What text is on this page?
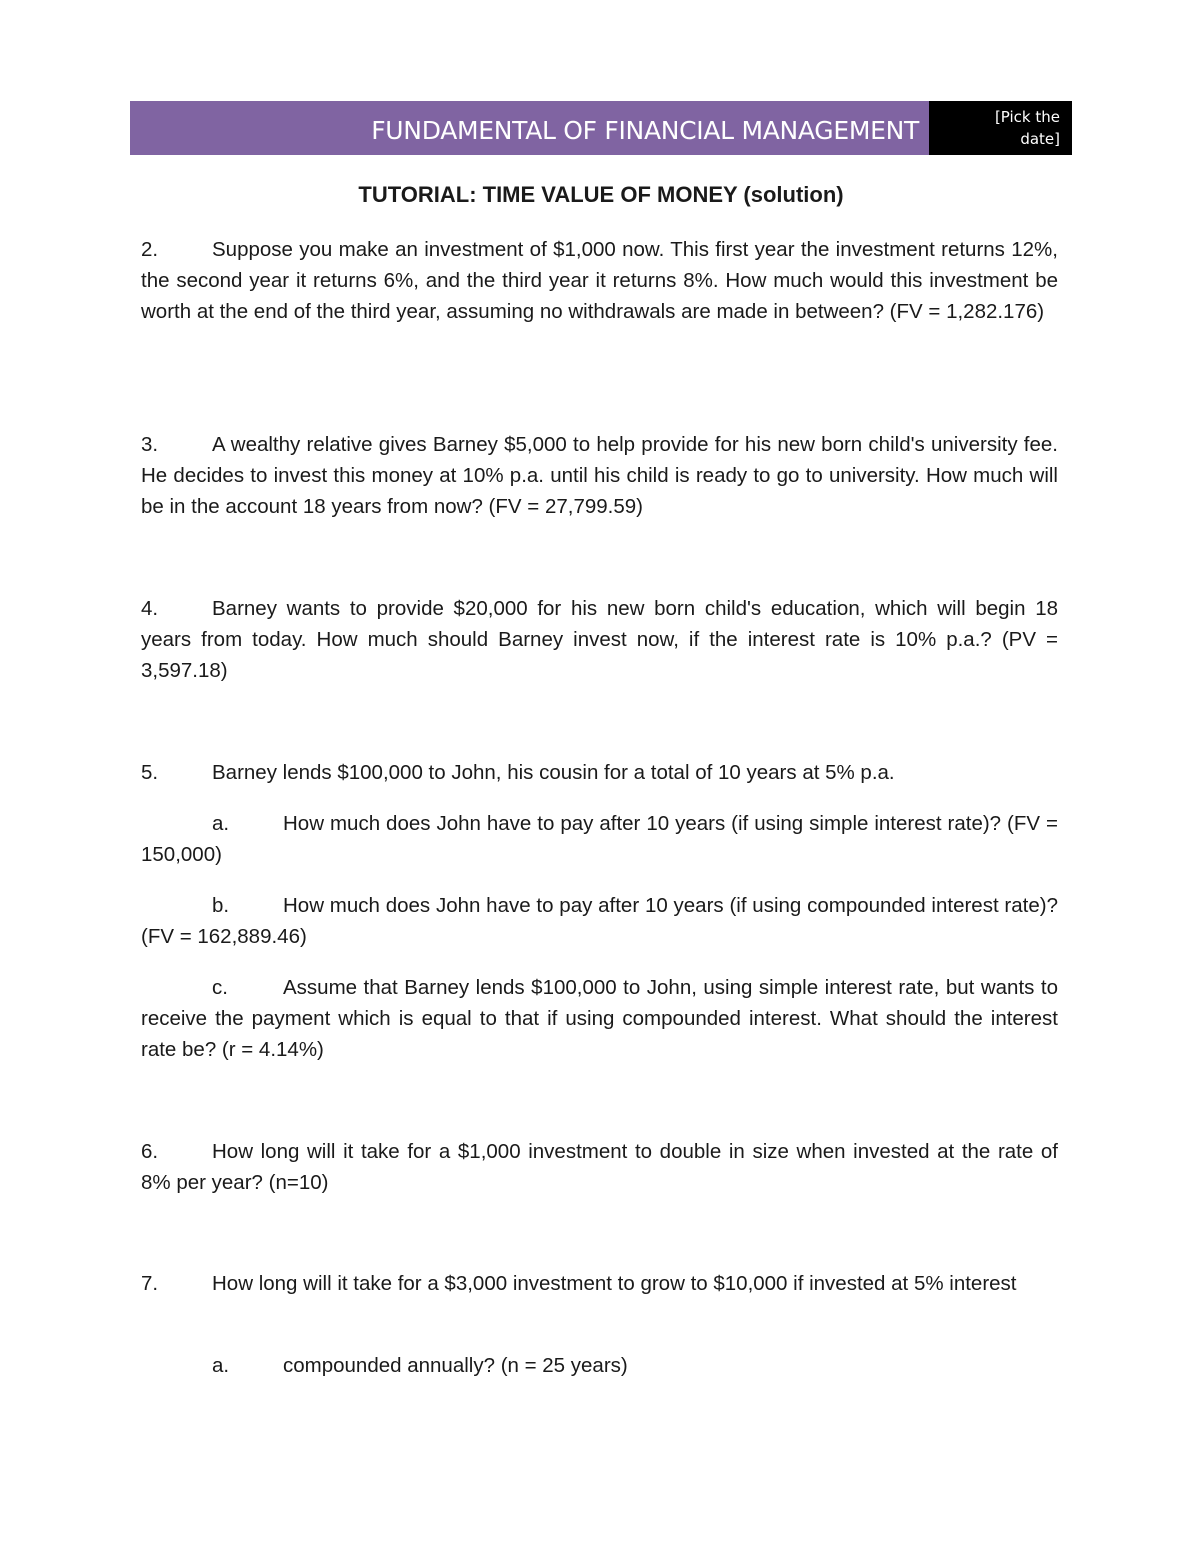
FUNDAMENTAL OF FINANCIAL MANAGEMENT	[Pick the
date]
TUTORIAL: TIME VALUE OF MONEY (solution)
2.	Suppose you make an investment of $1,000 now. This first year the investment returns 12%, the second year it returns 6%, and the third year it returns 8%. How much would this investment be worth at the end of the third year, assuming no withdrawals are made in between? (FV = 1,282.176)
3.	A wealthy relative gives Barney $5,000 to help provide for his new born child's university fee. He decides to invest this money at 10% p.a. until his child is ready to go to university. How much will be in the account 18 years from now? (FV = 27,799.59)
4.	Barney wants to provide $20,000 for his new born child's education, which will begin 18 years from today. How much should Barney invest now, if the interest rate is 10% p.a.? (PV = 3,597.18)
5.	Barney lends $100,000 to John, his cousin for a total of 10 years at 5% p.a.
a.	How much does John have to pay after 10 years (if using simple interest rate)? (FV = 150,000)
b.	How much does John have to pay after 10 years (if using compounded interest rate)? (FV = 162,889.46)
c.	Assume that Barney lends $100,000 to John, using simple interest rate, but wants to receive the payment which is equal to that if using compounded interest. What should the interest rate be? (r = 4.14%)
6.	How long will it take for a $1,000 investment to double in size when invested at the rate of 8% per year? (n=10)
7.	How long will it take for a $3,000 investment to grow to $10,000 if invested at 5% interest
a.	compounded annually? (n = 25 years)
